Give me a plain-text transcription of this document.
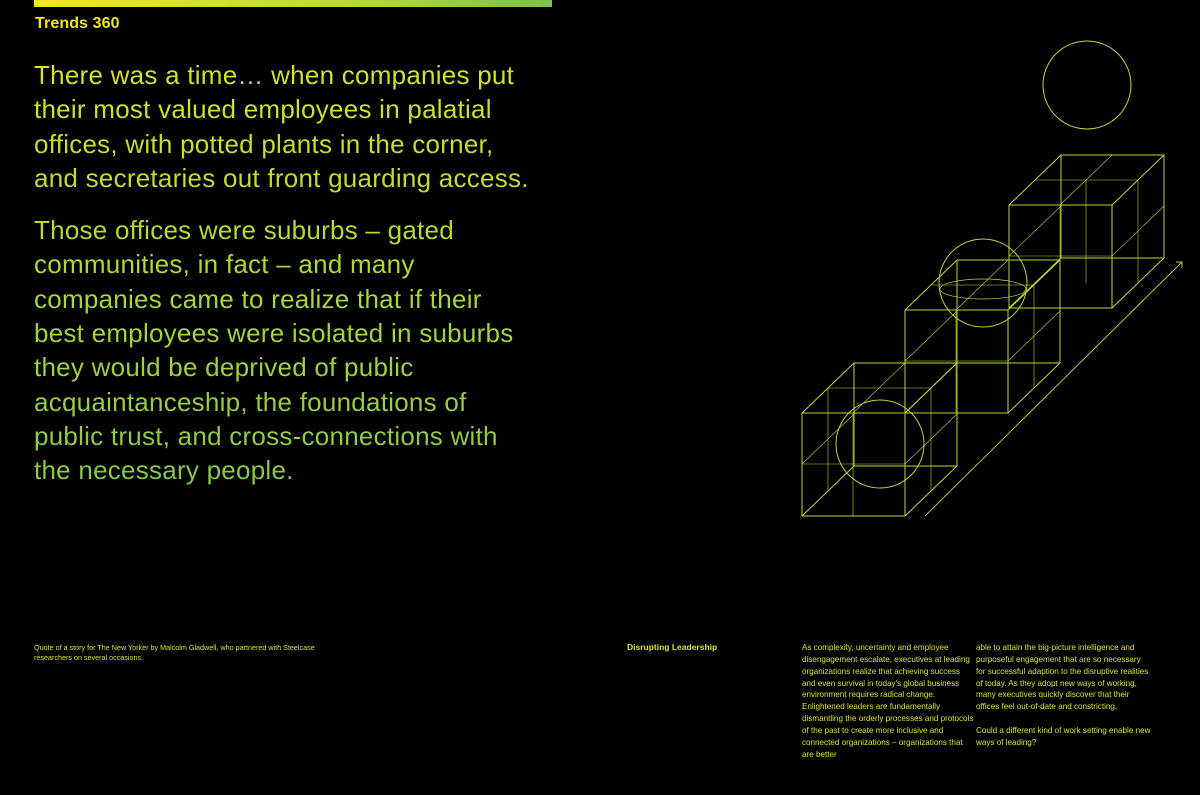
Trends 360

There was a time… when companies put their most valued employees in palatial offices, with potted plants in the corner, and secretaries out front guarding access.

Those offices were suburbs – gated communities, in fact – and many companies came to realize that if their best employees were isolated in suburbs they would be deprived of public acquaintanceship, the foundations of public trust, and cross-connections with the necessary people.

Quote of a story for The New Yorker by Malcolm Gladwell, who partnered with Steelcase researchers on several occasions.
Disrupting Leadership	As complexity, uncertainty and employee disengagement escalate, executives at leading organizations realize that achieving success and even survival in today's global business environment requires radical change. Enlightened leaders are fundamentally dismantling the orderly processes and protocols of the past to create more inclusive and connected organizations – organizations that are better

able to attain the big-picture intelligence and purposeful engagement that are so necessary for successful adaption to the disruptive realities of today. As they adopt new ways of working, many executives quickly discover that their offices feel out-of-date and constricting.

Could a different kind of work setting enable new ways of leading?
